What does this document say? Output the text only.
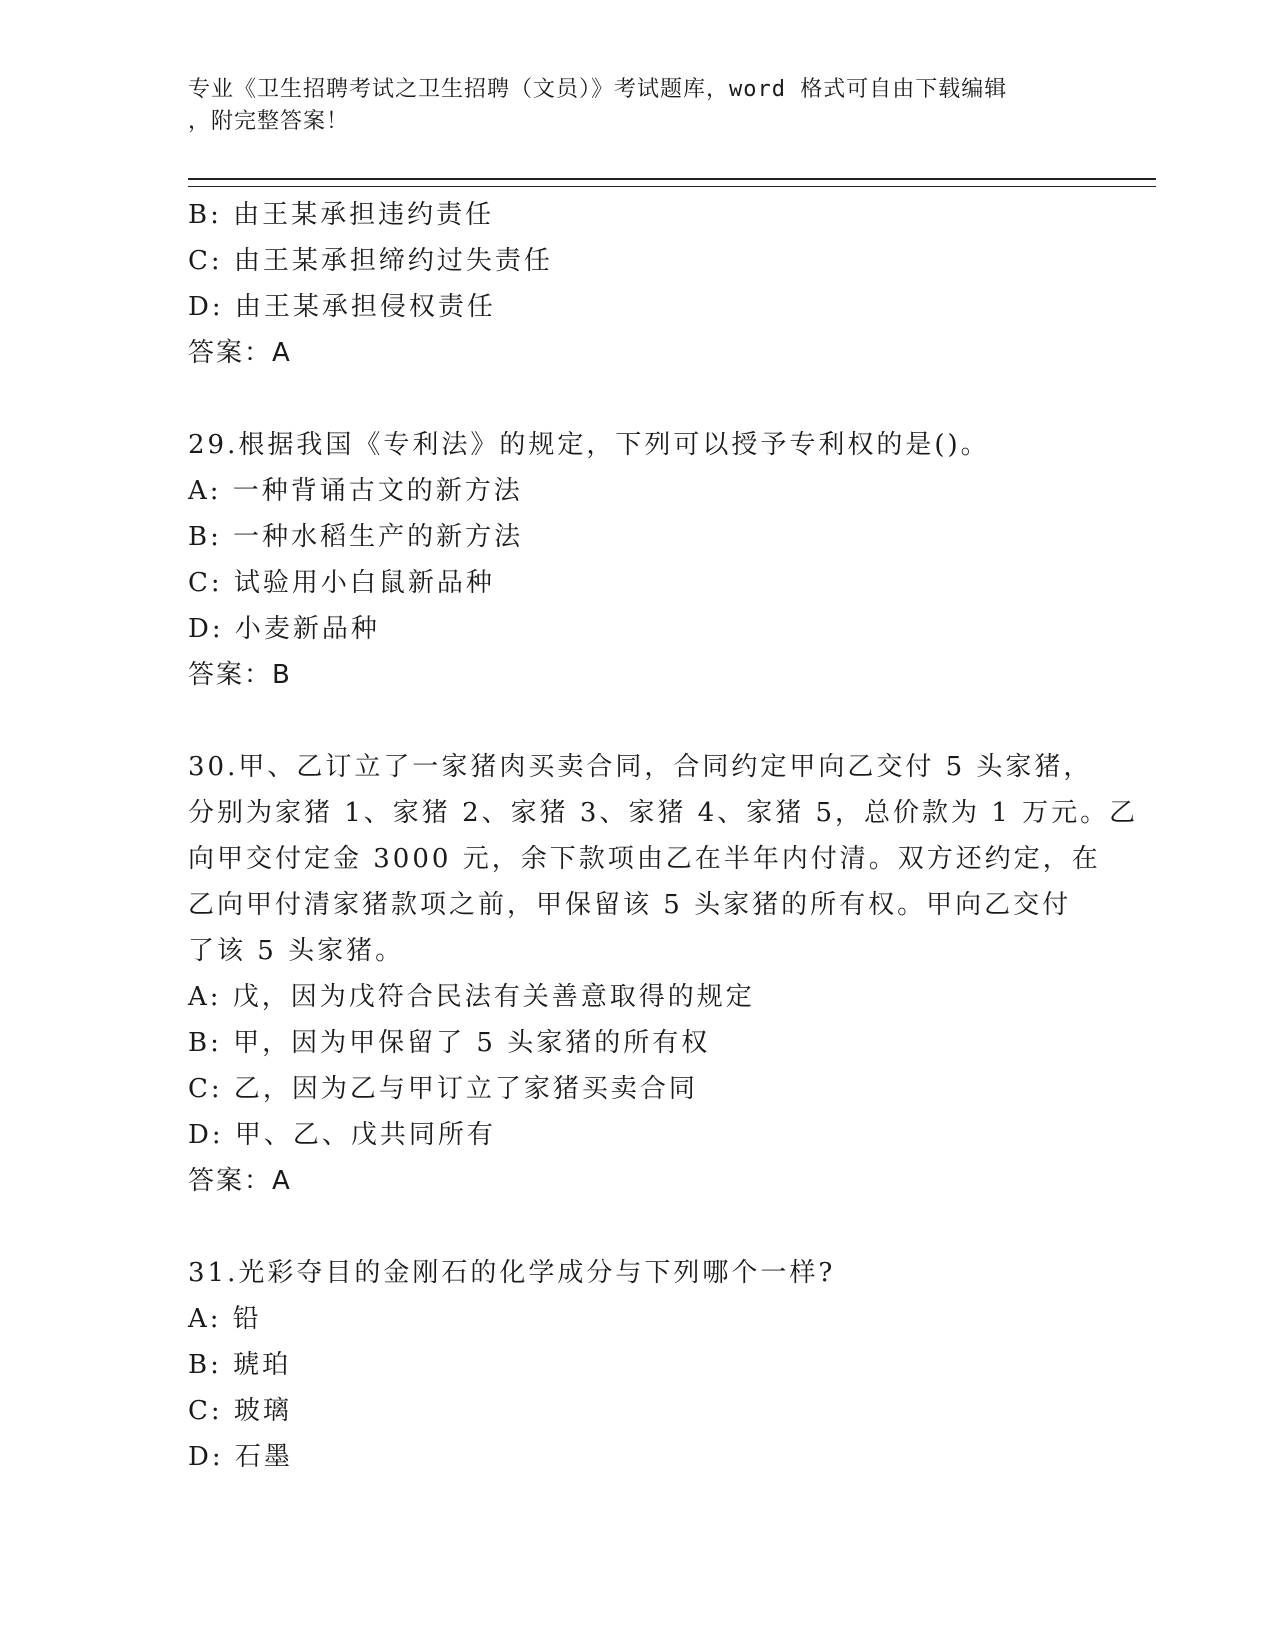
专业《卫生招聘考试之卫生招聘（文员）》考试题库，word 格式可自由下载编辑
，附完整答案！
B: 由王某承担违约责任
C: 由王某承担缔约过失责任
D: 由王某承担侵权责任
答案：A
29.根据我国《专利法》的规定，下列可以授予专利权的是()。
A: 一种背诵古文的新方法
B: 一种水稻生产的新方法
C: 试验用小白鼠新品种
D: 小麦新品种
答案：B
30.甲、乙订立了一家猪肉买卖合同，合同约定甲向乙交付 5 头家猪，
分别为家猪 1、家猪 2、家猪 3、家猪 4、家猪 5，总价款为 1 万元。乙
向甲交付定金 3000 元，余下款项由乙在半年内付清。双方还约定，在
乙向甲付清家猪款项之前，甲保留该 5 头家猪的所有权。甲向乙交付
了该 5 头家猪。
A: 戊，因为戊符合民法有关善意取得的规定
B: 甲，因为甲保留了 5 头家猪的所有权
C: 乙，因为乙与甲订立了家猪买卖合同
D: 甲、乙、戊共同所有
答案：A
31.光彩夺目的金刚石的化学成分与下列哪个一样?
A: 铅
B: 琥珀
C: 玻璃
D: 石墨
